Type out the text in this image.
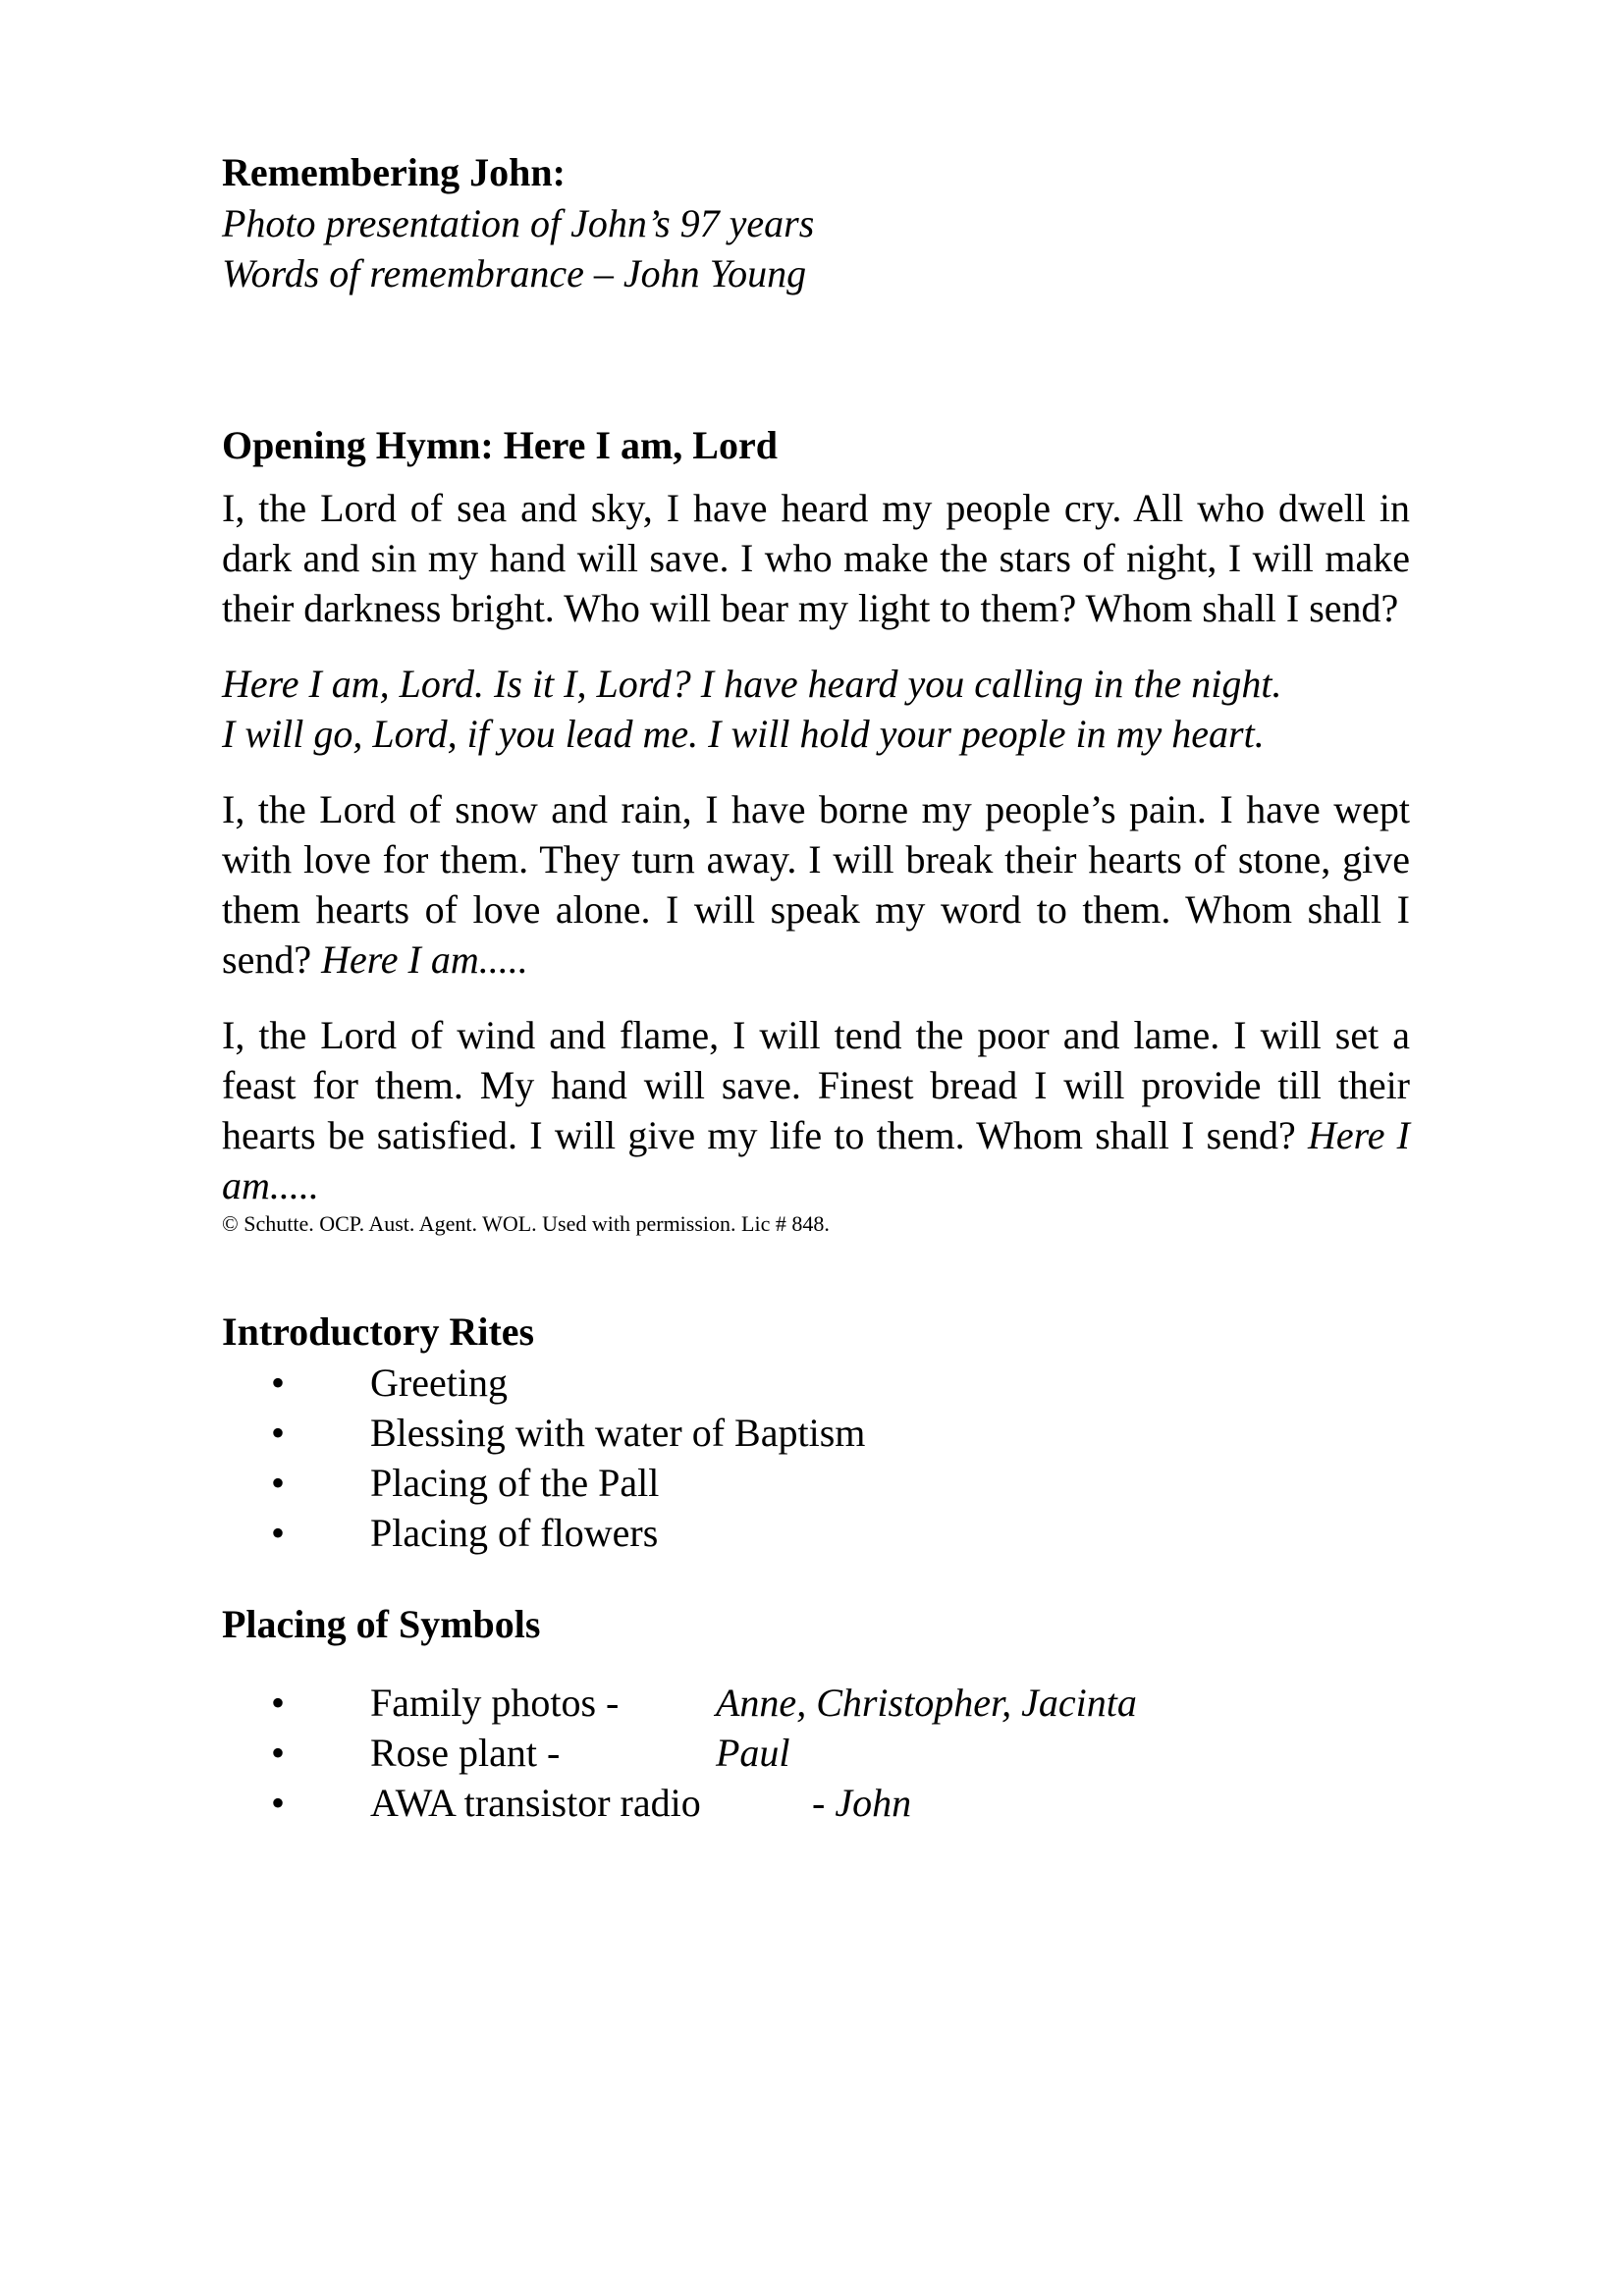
Remembering John:

Photo presentation of John’s 97 years

Words of remembrance – John Young

Opening Hymn: Here I am, Lord

I, the Lord of sea and sky, I have heard my people cry. All who dwell in dark and sin my hand will save. I who make the stars of night, I will make their darkness bright. Who will bear my light to them? Whom shall I send?

Here I am, Lord. Is it I, Lord? I have heard you calling in the night.

I will go, Lord, if you lead me. I will hold your people in my heart.

I, the Lord of snow and rain, I have borne my people’s pain. I have wept with love for them. They turn away. I will break their hearts of stone, give them hearts of love alone. I will speak my word to them. Whom shall I send? Here I am.....

I, the Lord of wind and flame, I will tend the poor and lame. I will set a feast for them. My hand will save. Finest bread I will provide till their hearts be satisfied. I will give my life to them. Whom shall I send? Here I am.....

© Schutte. OCP. Aust. Agent. WOL. Used with permission. Lic # 848.

Introductory Rites

• Greeting
• Blessing with water of Baptism
• Placing of the Pall
• Placing of flowers

Placing of Symbols

• Family photos - Anne, Christopher, Jacinta
• Rose plant -	Paul
• AWA transistor radio	- John
